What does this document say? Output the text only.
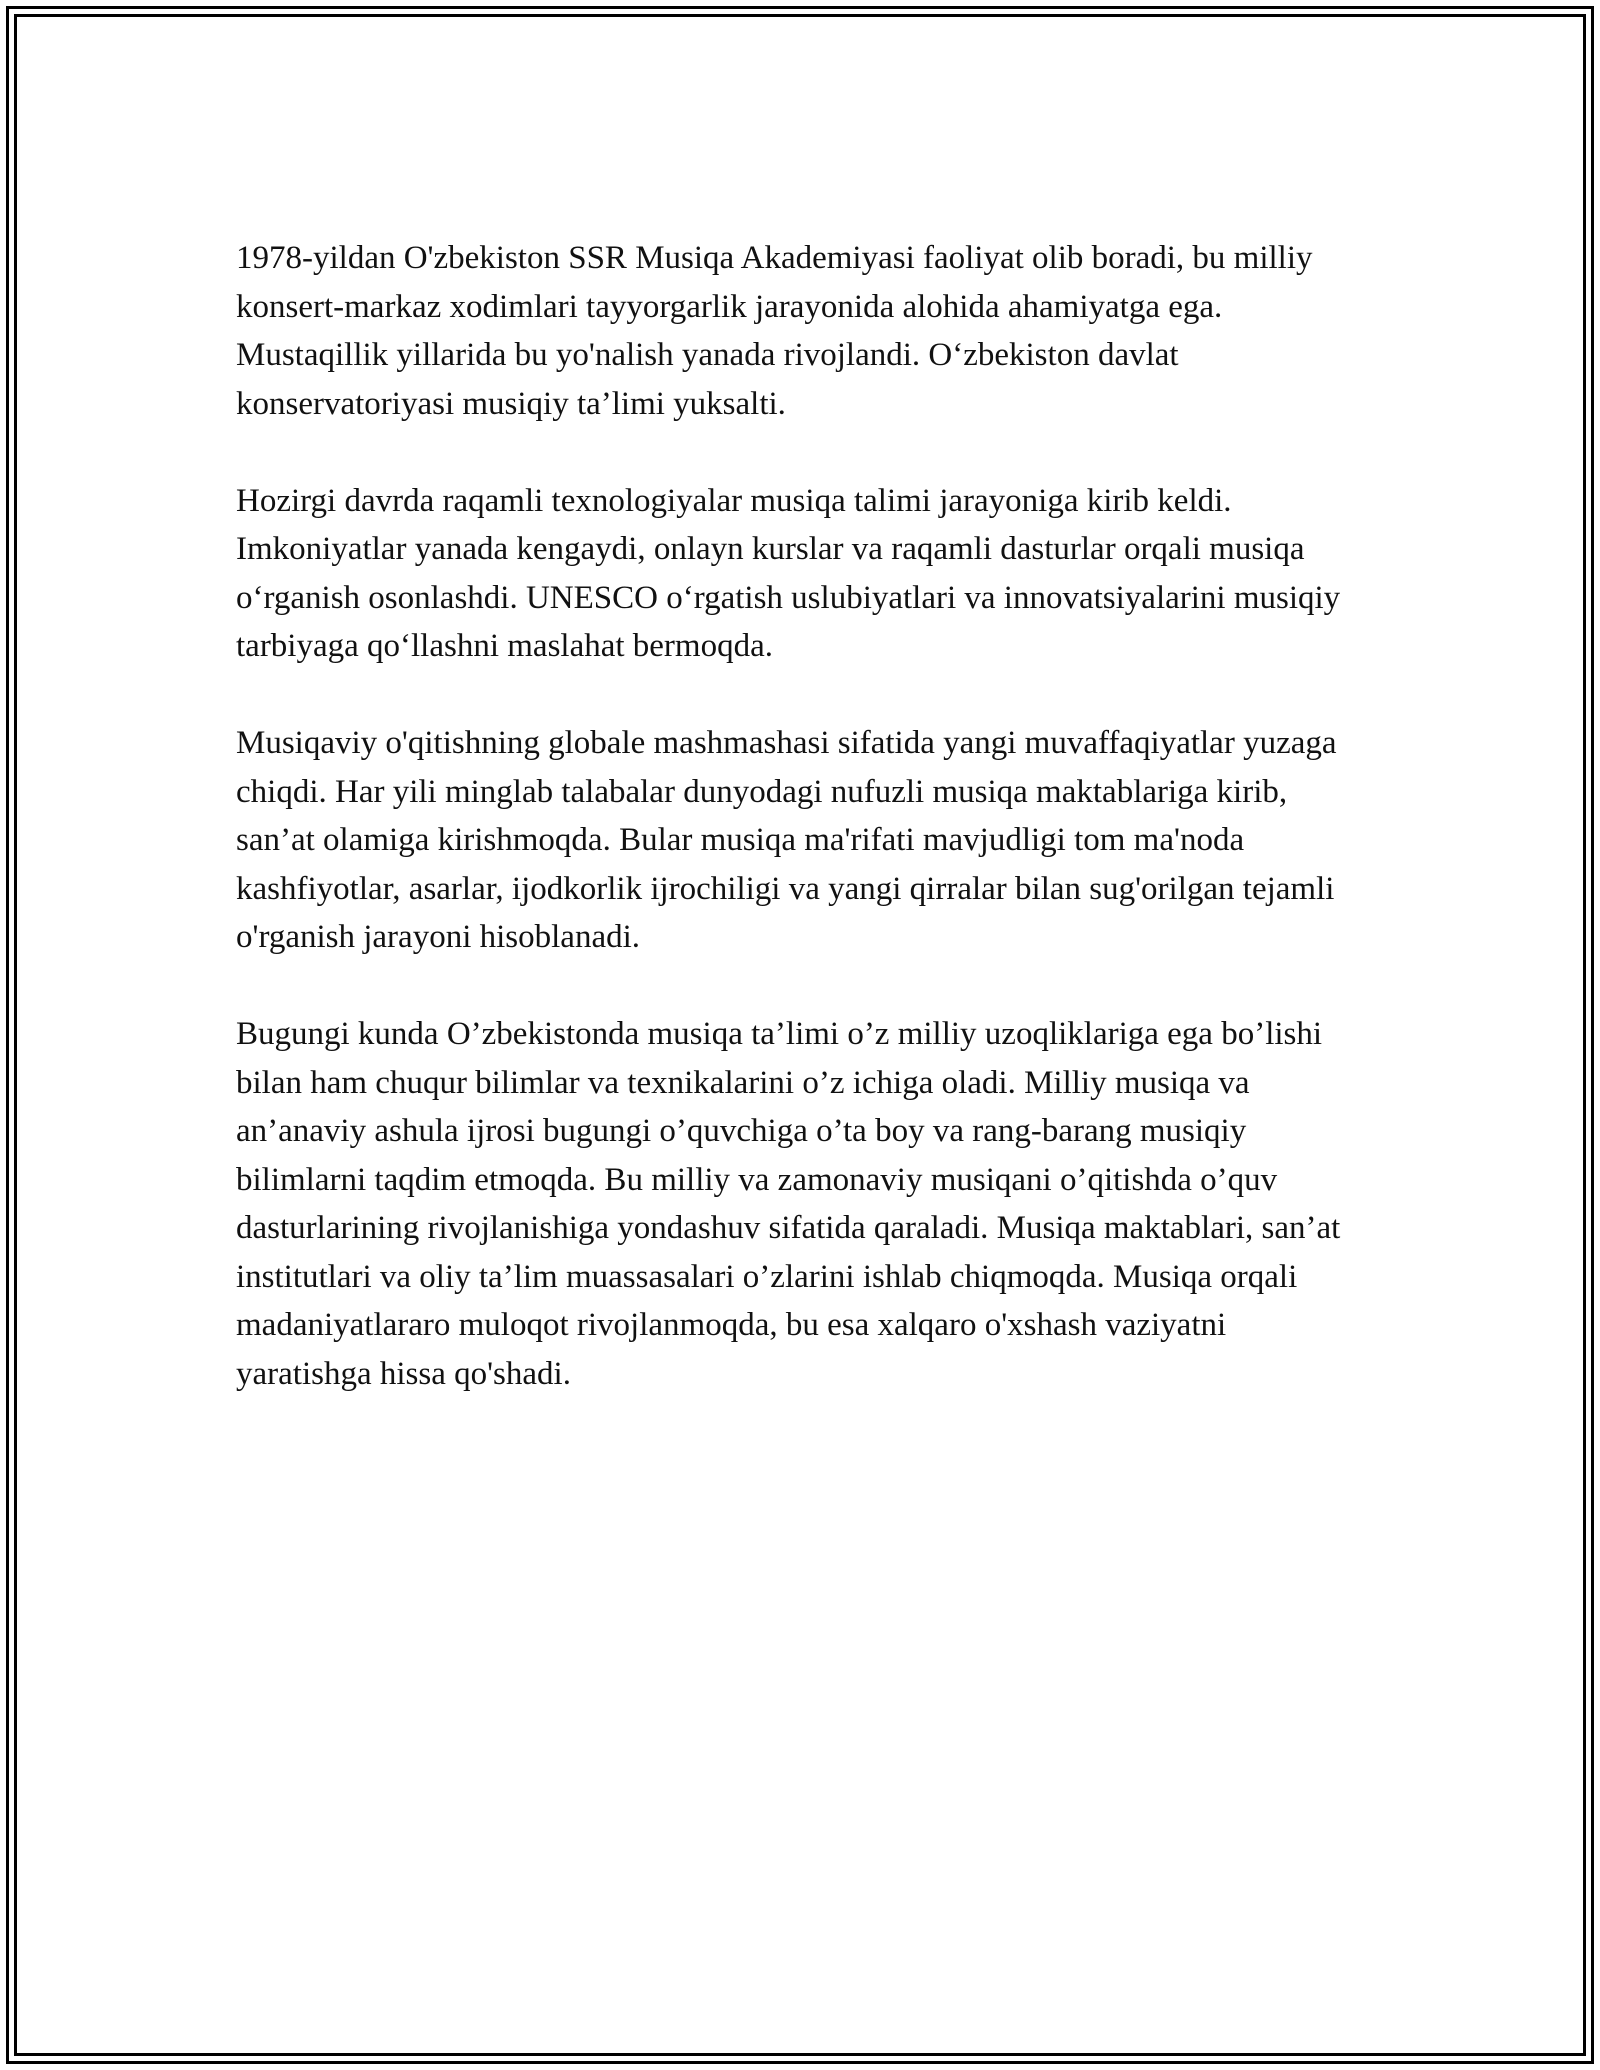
1978-yildan O'zbekiston SSR Musiqa Akademiyasi faoliyat olib boradi, bu milliy konsert-markaz xodimlari tayyorgarlik jarayonida alohida ahamiyatga ega. Mustaqillik yillarida bu yo'nalish yanada rivojlandi. O‘zbekiston davlat konservatoriyasi musiqiy ta’limi yuksalti.

Hozirgi davrda raqamli texnologiyalar musiqa talimi jarayoniga kirib keldi. Imkoniyatlar yanada kengaydi, onlayn kurslar va raqamli dasturlar orqali musiqa o‘rganish osonlashdi. UNESCO o‘rgatish uslubiyatlari va innovatsiyalarini musiqiy tarbiyaga qo‘llashni maslahat bermoqda.

Musiqaviy o'qitishning globale mashmashasi sifatida yangi muvaffaqiyatlar yuzaga chiqdi. Har yili minglab talabalar dunyodagi nufuzli musiqa maktablariga kirib, san’at olamiga kirishmoqda. Bular musiqa ma'rifati mavjudligi tom ma'noda kashfiyotlar, asarlar, ijodkorlik ijrochiligi va yangi qirralar bilan sug'orilgan tejamli o'rganish jarayoni hisoblanadi.

Bugungi kunda O’zbekistonda musiqa ta’limi o’z milliy uzoqliklariga ega bo’lishi bilan ham chuqur bilimlar va texnikalarini o’z ichiga oladi. Milliy musiqa va an’anaviy ashula ijrosi bugungi o’quvchiga o’ta boy va rang-barang musiqiy bilimlarni taqdim etmoqda. Bu milliy va zamonaviy musiqani o’qitishda o’quv dasturlarining rivojlanishiga yondashuv sifatida qaraladi. Musiqa maktablari, san’at institutlari va oliy ta’lim muassasalari o’zlarini ishlab chiqmoqda. Musiqa orqali madaniyatlararo muloqot rivojlanmoqda, bu esa xalqaro o'xshash vaziyatni yaratishga hissa qo'shadi.
